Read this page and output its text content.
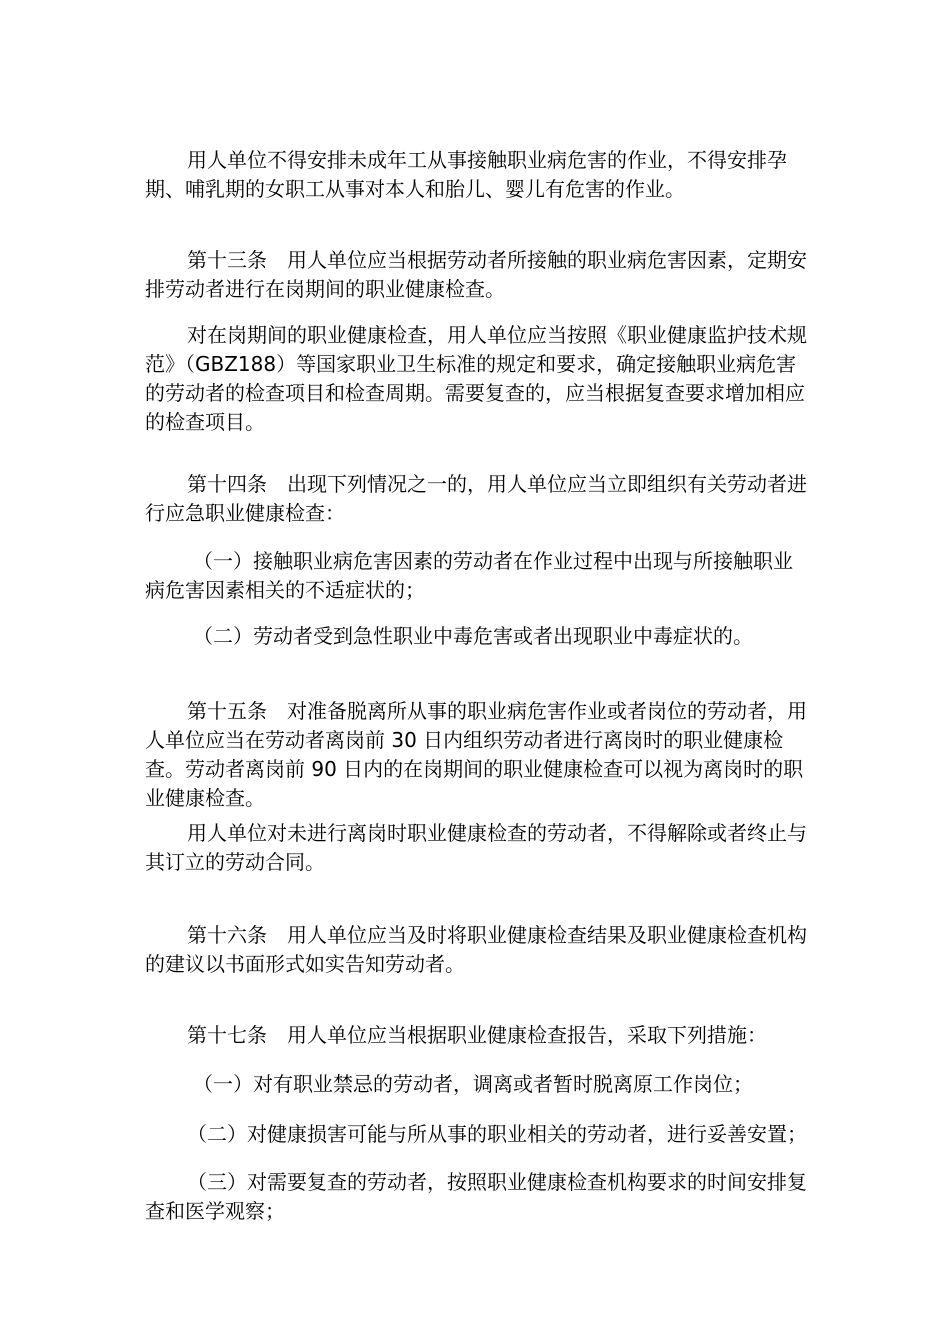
用人单位不得安排未成年工从事接触职业病危害的作业，不得安排孕期、哺乳期的女职工从事对本人和胎儿、婴儿有危害的作业。

第十三条　用人单位应当根据劳动者所接触的职业病危害因素，定期安排劳动者进行在岗期间的职业健康检查。

对在岗期间的职业健康检查，用人单位应当按照《职业健康监护技术规范》（GBZ188）等国家职业卫生标准的规定和要求，确定接触职业病危害的劳动者的检查项目和检查周期。需要复查的，应当根据复查要求增加相应的检查项目。

第十四条　出现下列情况之一的，用人单位应当立即组织有关劳动者进行应急职业健康检查：

（一）接触职业病危害因素的劳动者在作业过程中出现与所接触职业病危害因素相关的不适症状的；

（二）劳动者受到急性职业中毒危害或者出现职业中毒症状的。

第十五条　对准备脱离所从事的职业病危害作业或者岗位的劳动者，用人单位应当在劳动者离岗前 30 日内组织劳动者进行离岗时的职业健康检查。劳动者离岗前 90 日内的在岗期间的职业健康检查可以视为离岗时的职业健康检查。

用人单位对未进行离岗时职业健康检查的劳动者，不得解除或者终止与其订立的劳动合同。

第十六条　用人单位应当及时将职业健康检查结果及职业健康检查机构的建议以书面形式如实告知劳动者。

第十七条　用人单位应当根据职业健康检查报告，采取下列措施：

（一）对有职业禁忌的劳动者，调离或者暂时脱离原工作岗位；

（二）对健康损害可能与所从事的职业相关的劳动者，进行妥善安置；

（三）对需要复查的劳动者，按照职业健康检查机构要求的时间安排复查和医学观察；
